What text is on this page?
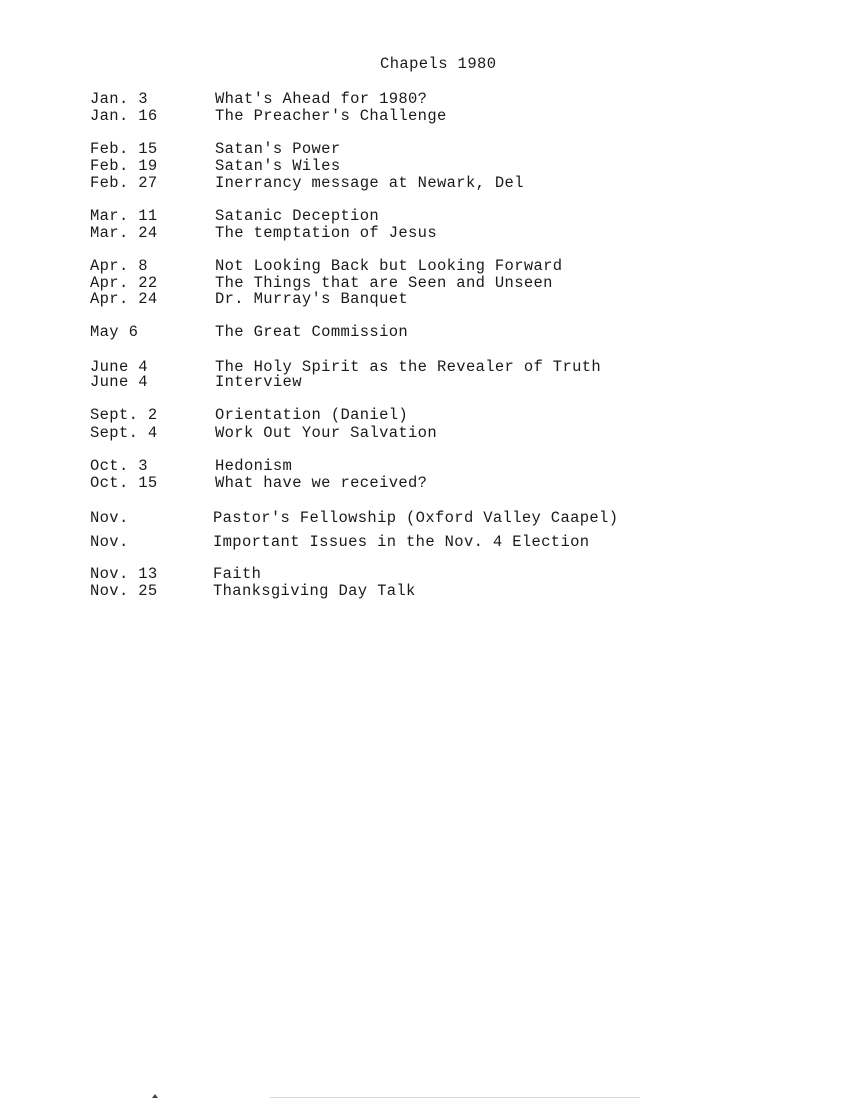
Chapels 1980
Jan. 3	What's Ahead for 1980?
Jan. 16	The Preacher's Challenge
Feb. 15	Satan's Power
Feb. 19	Satan's Wiles
Feb. 27	Inerrancy message at Newark, Del
Mar. 11	Satanic Deception
Mar. 24	The temptation of Jesus
Apr. 8	Not Looking Back but Looking Forward
Apr. 22	The Things that are Seen and Unseen
Apr. 24	Dr. Murray's Banquet
May 6	The Great Commission
June 4	The Holy Spirit as the Revealer of Truth
June 4	Interview
Sept. 2	Orientation (Daniel)
Sept. 4	Work Out Your Salvation
Oct. 3	Hedonism
Oct. 15	What have we received?
Nov.	Pastor's Fellowship (Oxford Valley Caapel)
Nov.	Important Issues in the Nov. 4 Election
Nov. 13	Faith
Nov. 25	Thanksgiving Day Talk
